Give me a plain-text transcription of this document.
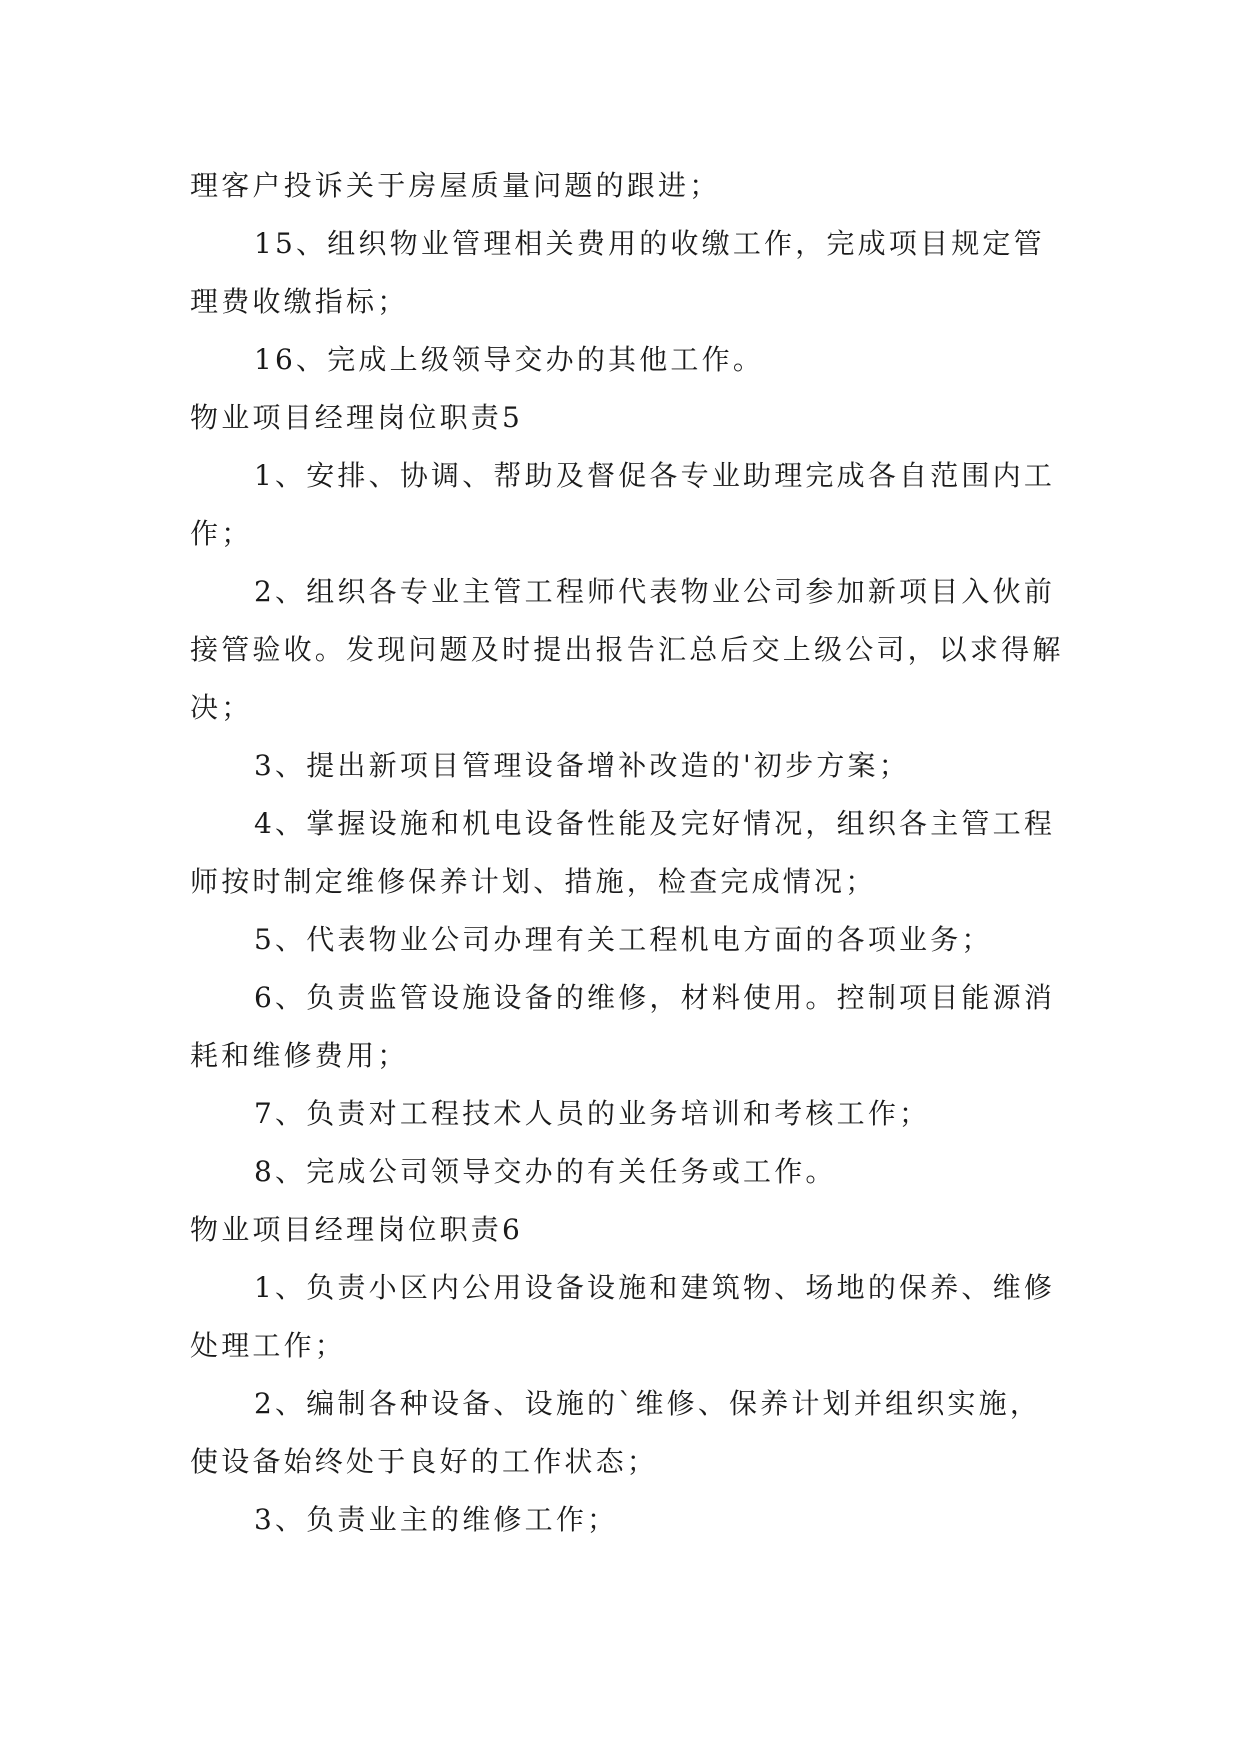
理客户投诉关于房屋质量问题的跟进；

15、组织物业管理相关费用的收缴工作，完成项目规定管理费收缴指标；

16、完成上级领导交办的其他工作。

物业项目经理岗位职责5

1、安排、协调、帮助及督促各专业助理完成各自范围内工作；

2、组织各专业主管工程师代表物业公司参加新项目入伙前接管验收。发现问题及时提出报告汇总后交上级公司，以求得解决；

3、提出新项目管理设备增补改造的'初步方案；

4、掌握设施和机电设备性能及完好情况，组织各主管工程师按时制定维修保养计划、措施，检查完成情况；

5、代表物业公司办理有关工程机电方面的各项业务；

6、负责监管设施设备的维修，材料使用。控制项目能源消耗和维修费用；

7、负责对工程技术人员的业务培训和考核工作；

8、完成公司领导交办的有关任务或工作。

物业项目经理岗位职责6

1、负责小区内公用设备设施和建筑物、场地的保养、维修处理工作；

2、编制各种设备、设施的`维修、保养计划并组织实施，使设备始终处于良好的工作状态；

3、负责业主的维修工作；
